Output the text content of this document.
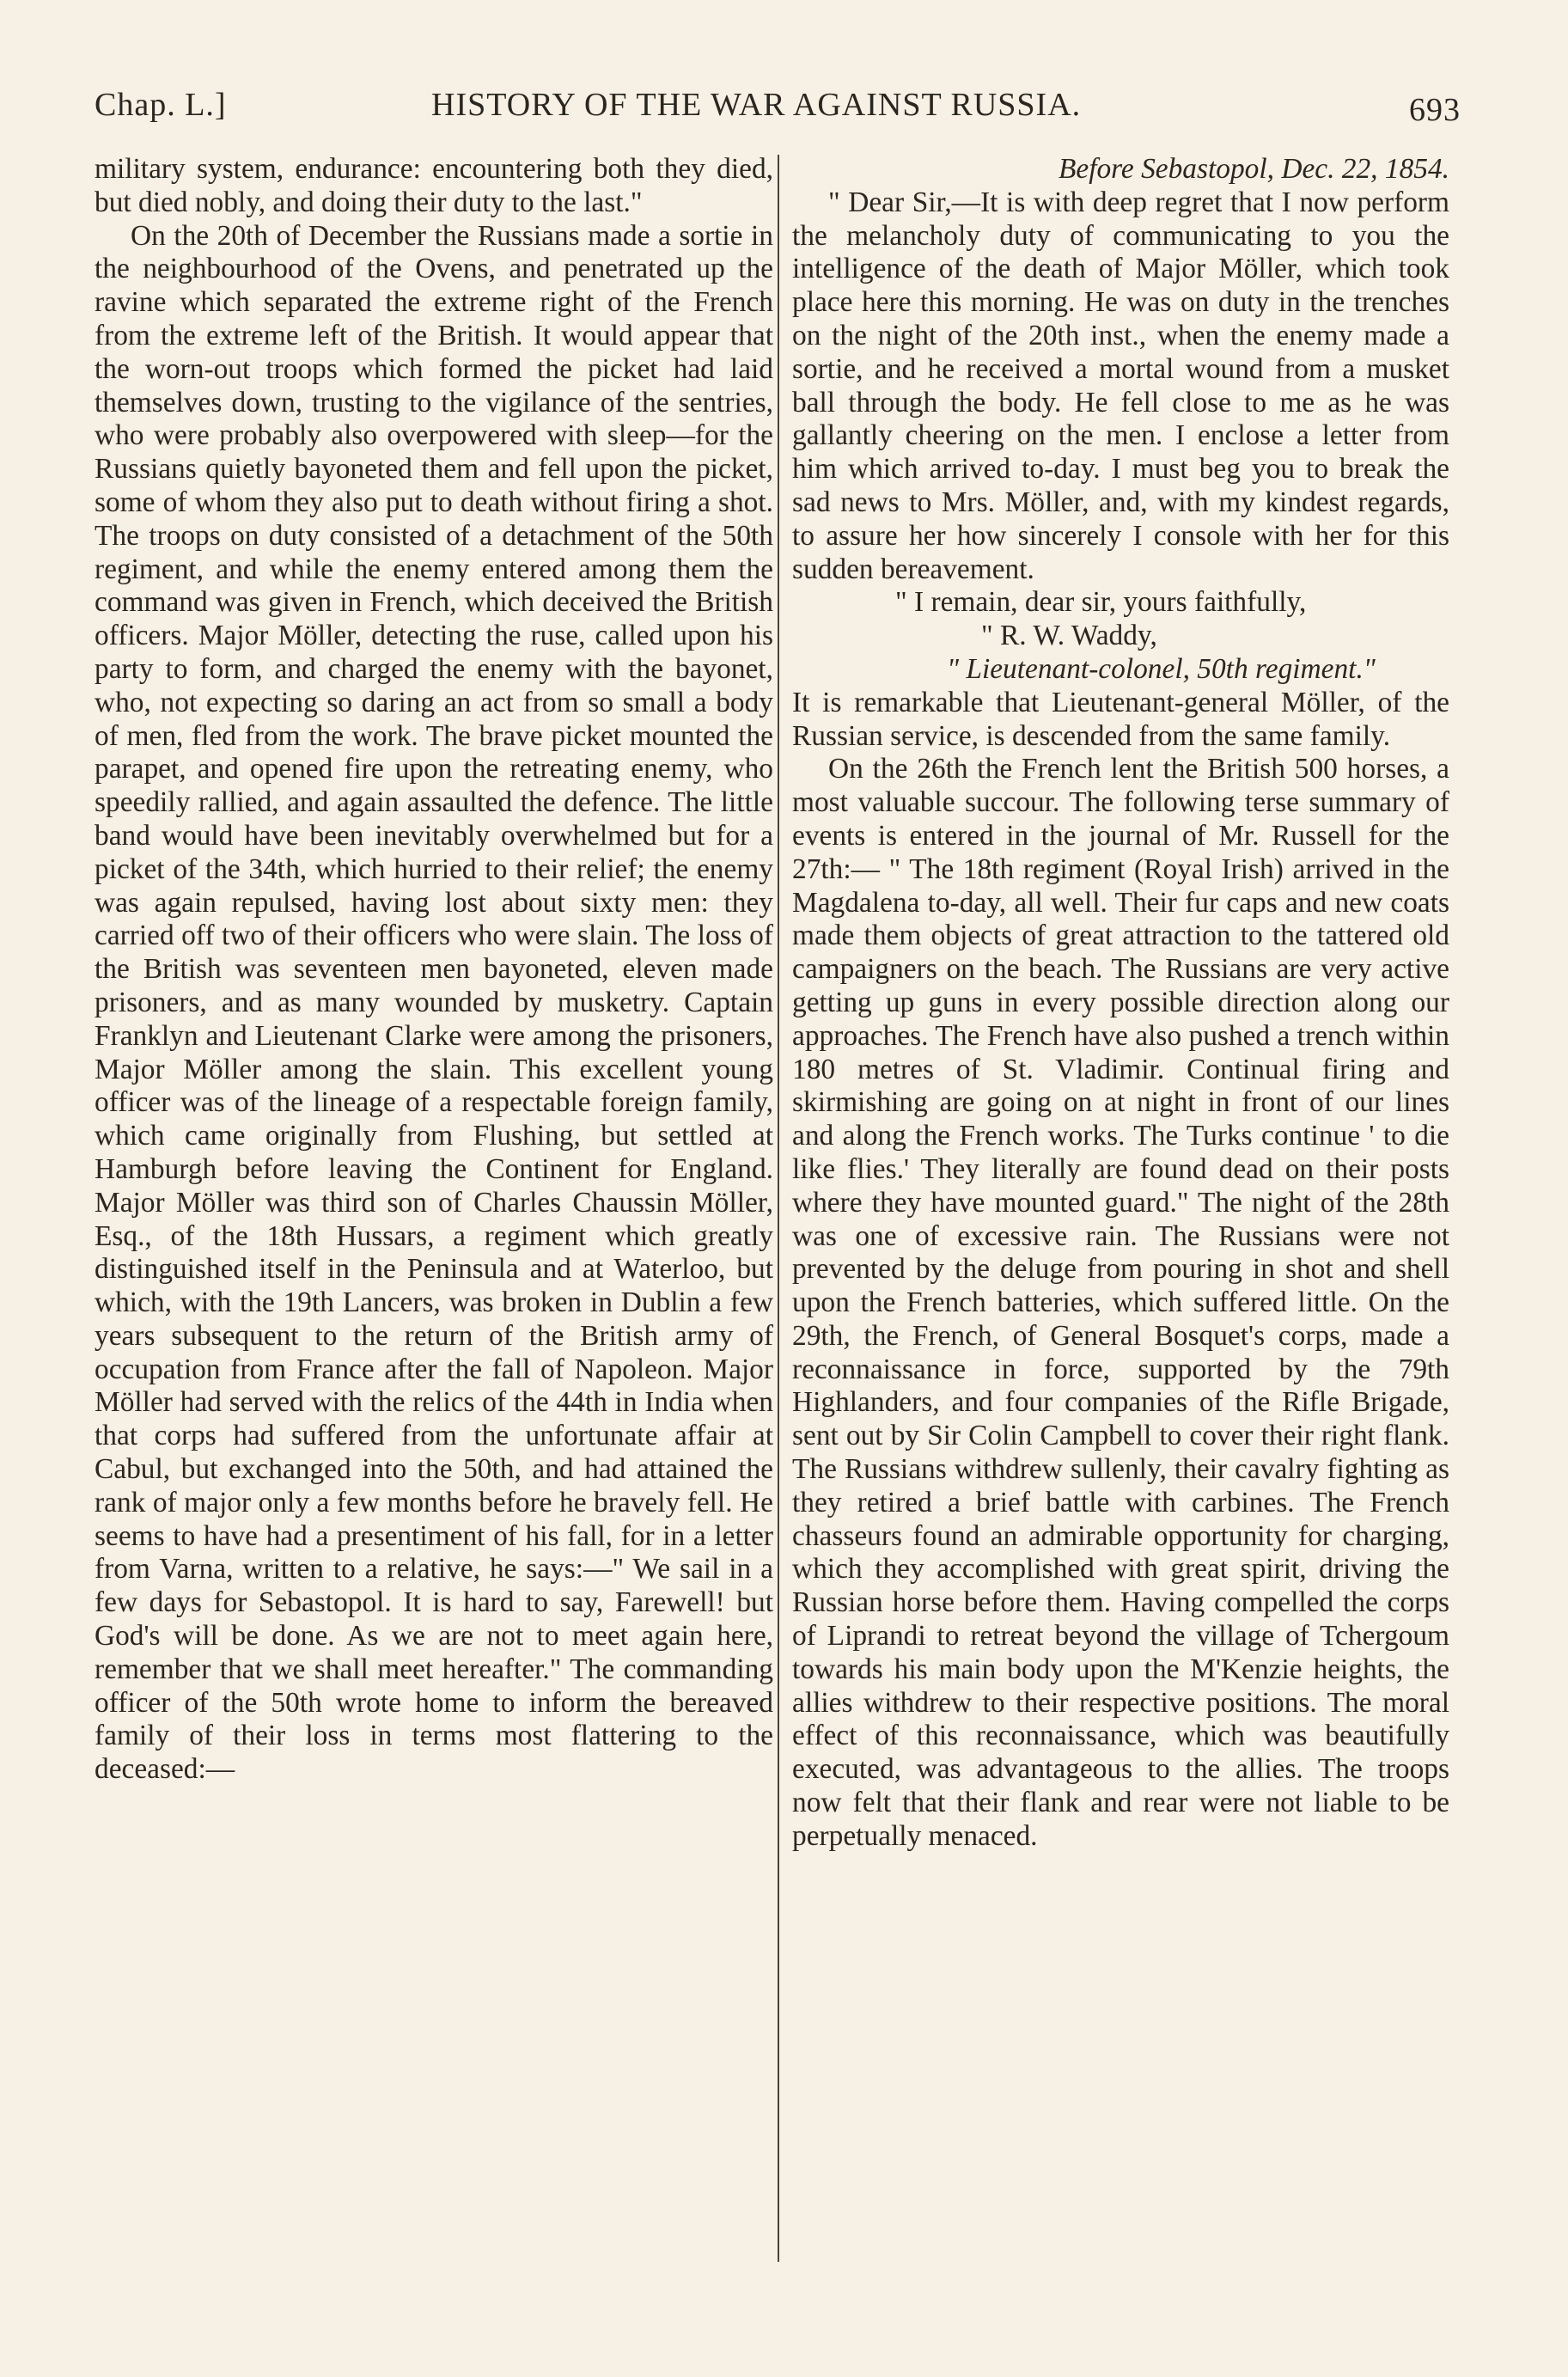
Chap. L.]	HISTORY OF THE WAR AGAINST RUSSIA.	693

military system, endurance: encountering both they died, but died nobly, and doing their duty to the last."

On the 20th of December the Russians made a sortie in the neighbourhood of the Ovens, and penetrated up the ravine which separated the extreme right of the French from the extreme left of the British. It would appear that the worn-out troops which formed the picket had laid themselves down, trusting to the vigilance of the sentries, who were probably also overpowered with sleep—for the Russians quietly bayoneted them and fell upon the picket, some of whom they also put to death without firing a shot. The troops on duty consisted of a detachment of the 50th regiment, and while the enemy entered among them the command was given in French, which deceived the British officers. Major Möller, detecting the ruse, called upon his party to form, and charged the enemy with the bayonet, who, not expecting so daring an act from so small a body of men, fled from the work. The brave picket mounted the parapet, and opened fire upon the retreating enemy, who speedily rallied, and again assaulted the defence. The little band would have been inevitably overwhelmed but for a picket of the 34th, which hurried to their relief; the enemy was again repulsed, having lost about sixty men: they carried off two of their officers who were slain. The loss of the British was seventeen men bayoneted, eleven made prisoners, and as many wounded by musketry. Captain Franklyn and Lieutenant Clarke were among the prisoners, Major Möller among the slain. This excellent young officer was of the lineage of a respectable foreign family, which came originally from Flushing, but settled at Hamburgh before leaving the Continent for England. Major Möller was third son of Charles Chaussin Möller, Esq., of the 18th Hussars, a regiment which greatly distinguished itself in the Peninsula and at Waterloo, but which, with the 19th Lancers, was broken in Dublin a few years subsequent to the return of the British army of occupation from France after the fall of Napoleon. Major Möller had served with the relics of the 44th in India when that corps had suffered from the unfortunate affair at Cabul, but exchanged into the 50th, and had attained the rank of major only a few months before he bravely fell. He seems to have had a presentiment of his fall, for in a letter from Varna, written to a relative, he says:—" We sail in a few days for Sebastopol. It is hard to say, Farewell! but God's will be done. As we are not to meet again here, remember that we shall meet hereafter." The commanding officer of the 50th wrote home to inform the bereaved family of their loss in terms most flattering to the deceased:—

Before Sebastopol, Dec. 22, 1854.

" Dear Sir,—It is with deep regret that I now perform the melancholy duty of communicating to you the intelligence of the death of Major Möller, which took place here this morning. He was on duty in the trenches on the night of the 20th inst., when the enemy made a sortie, and he received a mortal wound from a musket ball through the body. He fell close to me as he was gallantly cheering on the men. I enclose a letter from him which arrived to-day. I must beg you to break the sad news to Mrs. Möller, and, with my kindest regards, to assure her how sincerely I console with her for this sudden bereavement.

" I remain, dear sir, yours faithfully,

" R. W. Waddy,

" Lieutenant-colonel, 50th regiment."

It is remarkable that Lieutenant-general Möller, of the Russian service, is descended from the same family.

On the 26th the French lent the British 500 horses, a most valuable succour. The following terse summary of events is entered in the journal of Mr. Russell for the 27th:— " The 18th regiment (Royal Irish) arrived in the Magdalena to-day, all well. Their fur caps and new coats made them objects of great attraction to the tattered old campaigners on the beach. The Russians are very active getting up guns in every possible direction along our approaches. The French have also pushed a trench within 180 metres of St. Vladimir. Continual firing and skirmishing are going on at night in front of our lines and along the French works. The Turks continue ' to die like flies.' They literally are found dead on their posts where they have mounted guard." The night of the 28th was one of excessive rain. The Russians were not prevented by the deluge from pouring in shot and shell upon the French batteries, which suffered little. On the 29th, the French, of General Bosquet's corps, made a reconnaissance in force, supported by the 79th Highlanders, and four companies of the Rifle Brigade, sent out by Sir Colin Campbell to cover their right flank. The Russians withdrew sullenly, their cavalry fighting as they retired a brief battle with carbines. The French chasseurs found an admirable opportunity for charging, which they accomplished with great spirit, driving the Russian horse before them. Having compelled the corps of Liprandi to retreat beyond the village of Tchergoum towards his main body upon the M'Kenzie heights, the allies withdrew to their respective positions. The moral effect of this reconnaissance, which was beautifully executed, was advantageous to the allies. The troops now felt that their flank and rear were not liable to be perpetually menaced.
